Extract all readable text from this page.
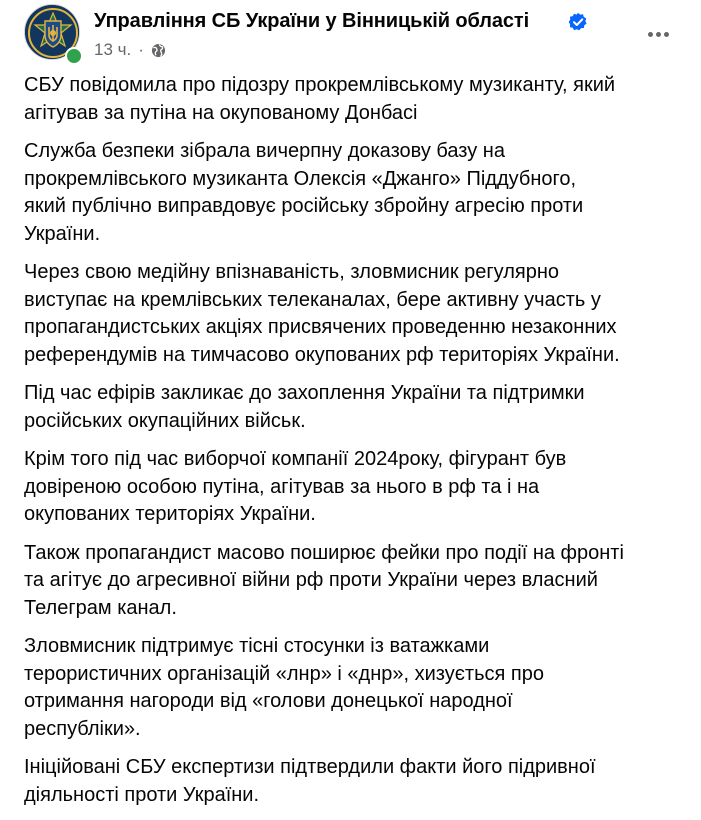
Управління СБ України у Вінницькій області
13 ч. ·

СБУ повідомила про підозру прокремлівському музиканту, який
агітував за путіна на окупованому Донбасі

Служба безпеки зібрала вичерпну доказову базу на
прокремлівського музиканта Олексія «Джанго» Піддубного,
який публічно виправдовує російську збройну агресію проти
України.

Через свою медійну впізнаваність, зловмисник регулярно
виступає на кремлівських телеканалах, бере активну участь у
пропагандистських акціях присвячених проведенню незаконних
референдумів на тимчасово окупованих рф територіях України.

Під час ефірів закликає до захоплення України та підтримки
російських окупаційних військ.

Крім того під час виборчої компанії 2024року, фігурант був
довіреною особою путіна, агітував за нього в рф та і на
окупованих територіях України.

Також пропагандист масово поширює фейки про події на фронті
та агітує до агресивної війни рф проти України через власний
Телеграм канал.

Зловмисник підтримує тісні стосунки із ватажками
терористичних організацій «лнр» і «днр», хизується про
отримання нагороди від «голови донецької народної
республіки».

Ініційовані СБУ експертизи підтвердили факти його підривної
діяльності проти України.
